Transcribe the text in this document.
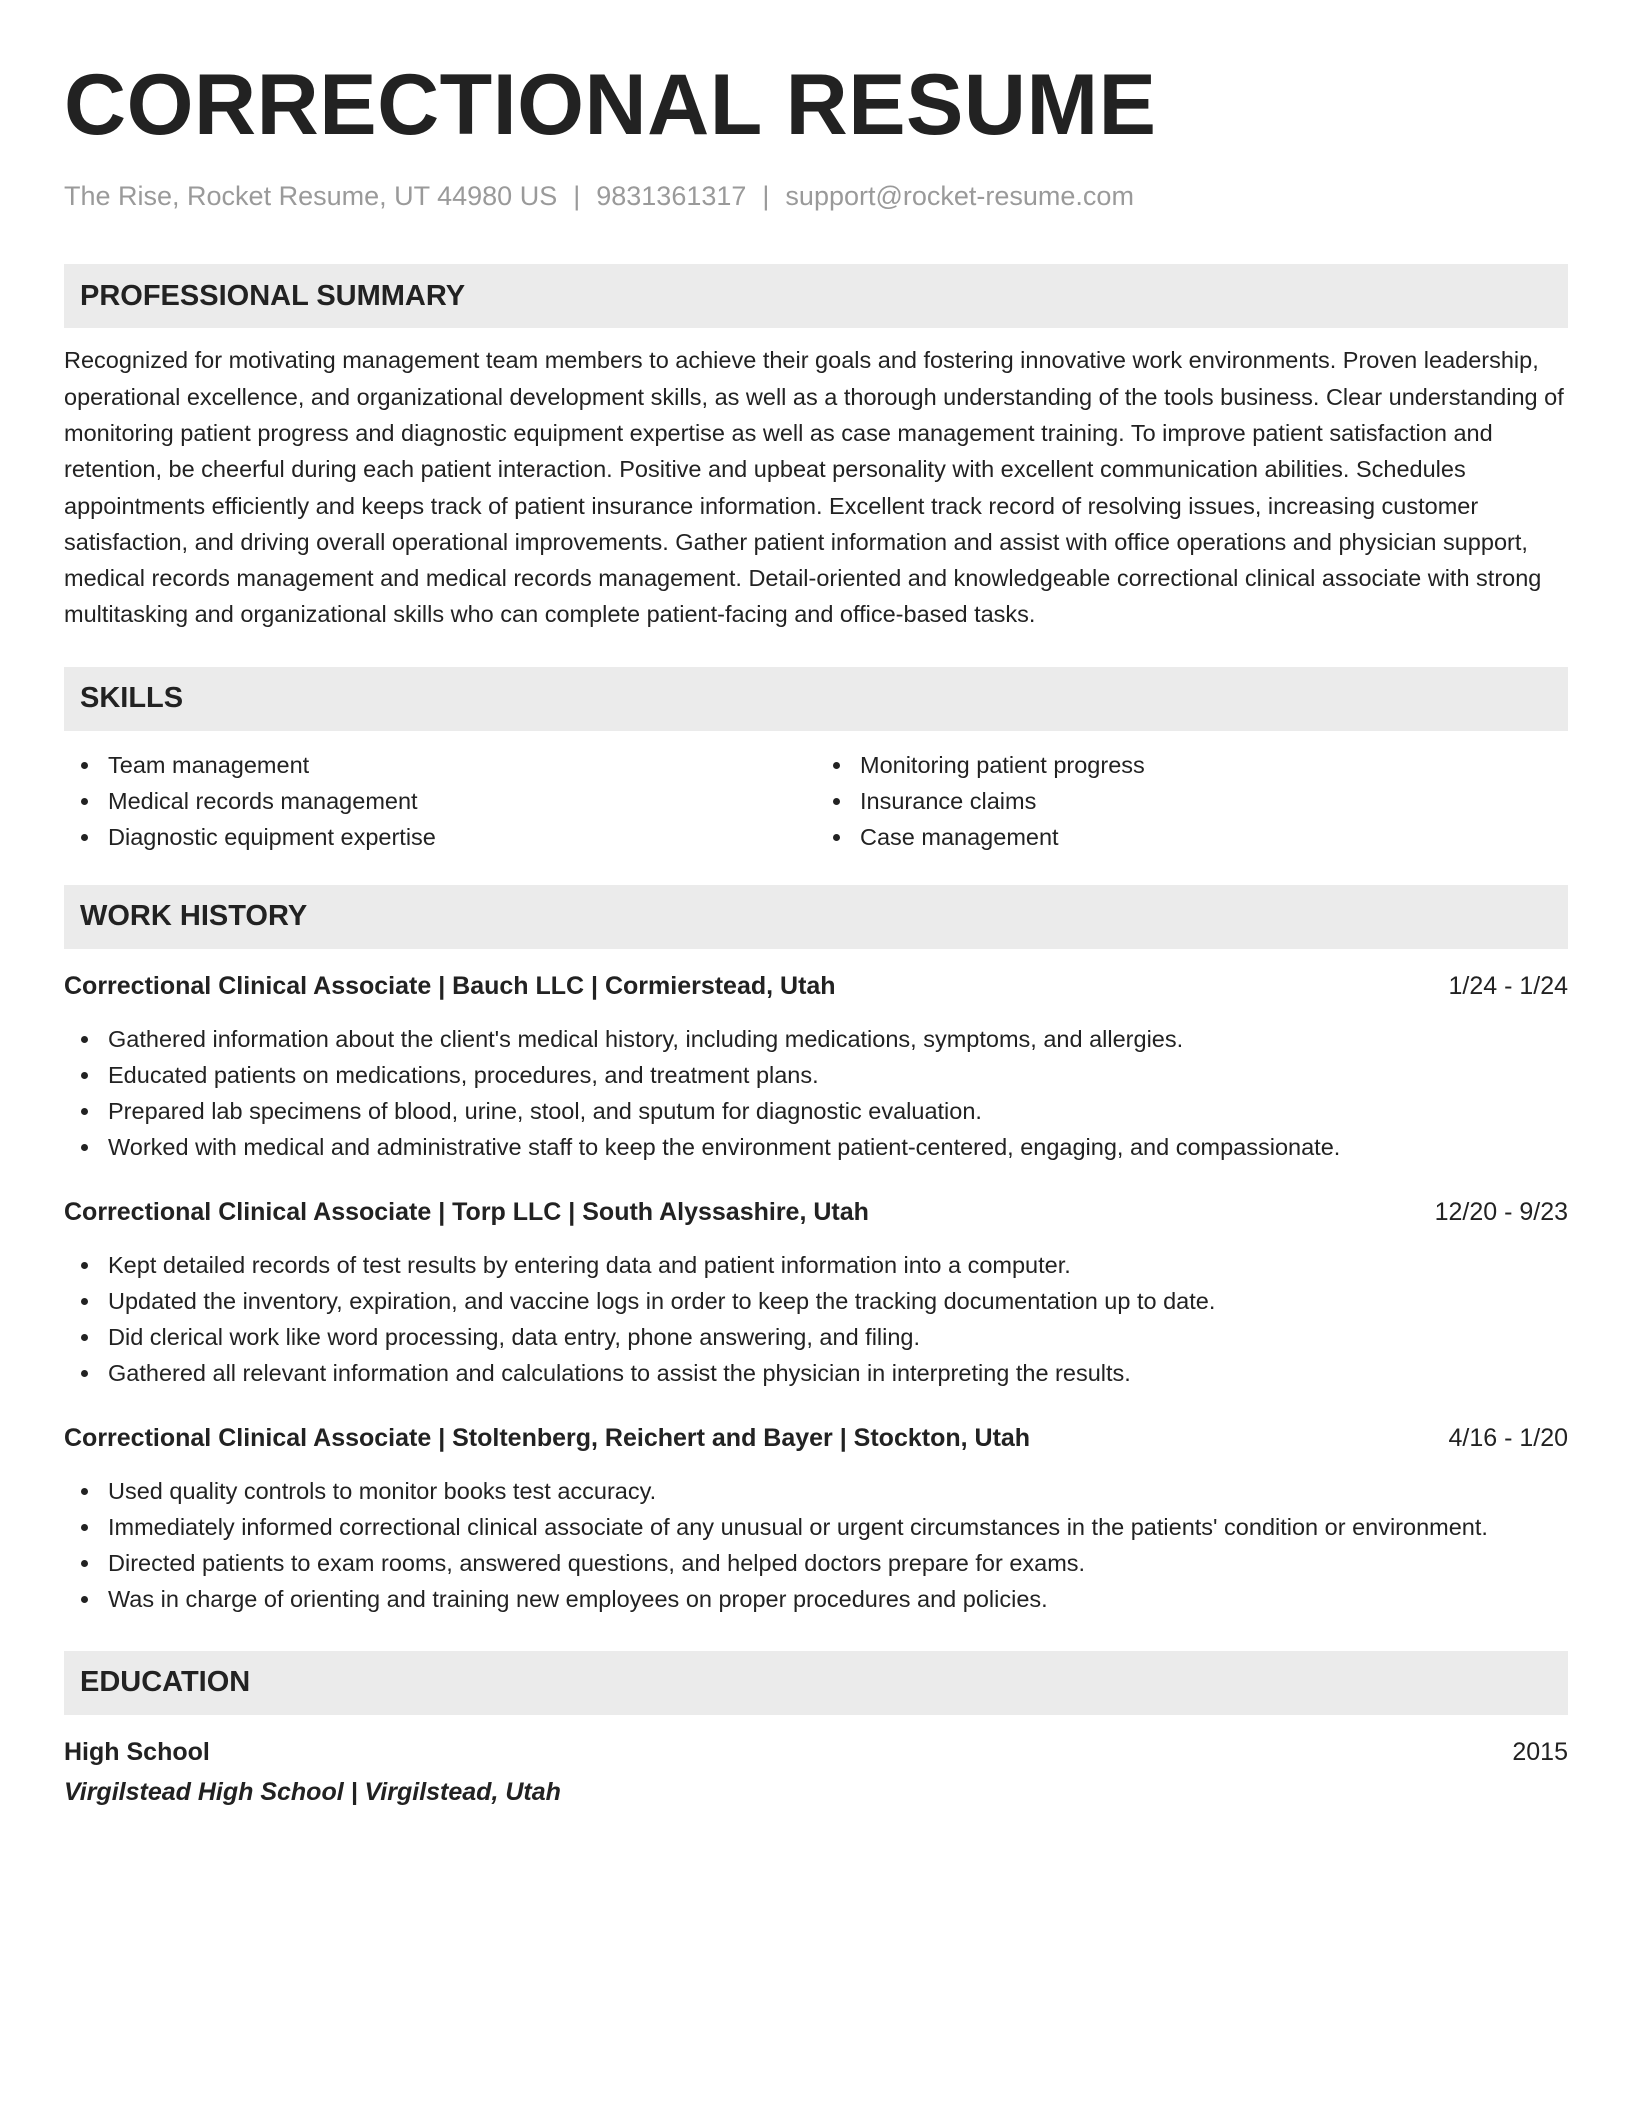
CORRECTIONAL RESUME
The Rise, Rocket Resume, UT 44980 US | 9831361317 | support@rocket-resume.com
PROFESSIONAL SUMMARY
Recognized for motivating management team members to achieve their goals and fostering innovative work environments. Proven leadership, operational excellence, and organizational development skills, as well as a thorough understanding of the tools business. Clear understanding of monitoring patient progress and diagnostic equipment expertise as well as case management training. To improve patient satisfaction and retention, be cheerful during each patient interaction. Positive and upbeat personality with excellent communication abilities. Schedules appointments efficiently and keeps track of patient insurance information. Excellent track record of resolving issues, increasing customer satisfaction, and driving overall operational improvements. Gather patient information and assist with office operations and physician support, medical records management and medical records management. Detail-oriented and knowledgeable correctional clinical associate with strong multitasking and organizational skills who can complete patient-facing and office-based tasks.
SKILLS
Team management
Medical records management
Diagnostic equipment expertise
Monitoring patient progress
Insurance claims
Case management
WORK HISTORY
Correctional Clinical Associate | Bauch LLC | Cormierstead, Utah	1/24 - 1/24
Gathered information about the client's medical history, including medications, symptoms, and allergies.
Educated patients on medications, procedures, and treatment plans.
Prepared lab specimens of blood, urine, stool, and sputum for diagnostic evaluation.
Worked with medical and administrative staff to keep the environment patient-centered, engaging, and compassionate.
Correctional Clinical Associate | Torp LLC | South Alyssashire, Utah	12/20 - 9/23
Kept detailed records of test results by entering data and patient information into a computer.
Updated the inventory, expiration, and vaccine logs in order to keep the tracking documentation up to date.
Did clerical work like word processing, data entry, phone answering, and filing.
Gathered all relevant information and calculations to assist the physician in interpreting the results.
Correctional Clinical Associate | Stoltenberg, Reichert and Bayer | Stockton, Utah	4/16 - 1/20
Used quality controls to monitor books test accuracy.
Immediately informed correctional clinical associate of any unusual or urgent circumstances in the patients' condition or environment.
Directed patients to exam rooms, answered questions, and helped doctors prepare for exams.
Was in charge of orienting and training new employees on proper procedures and policies.
EDUCATION
High School	2015
Virgilstead High School | Virgilstead, Utah
